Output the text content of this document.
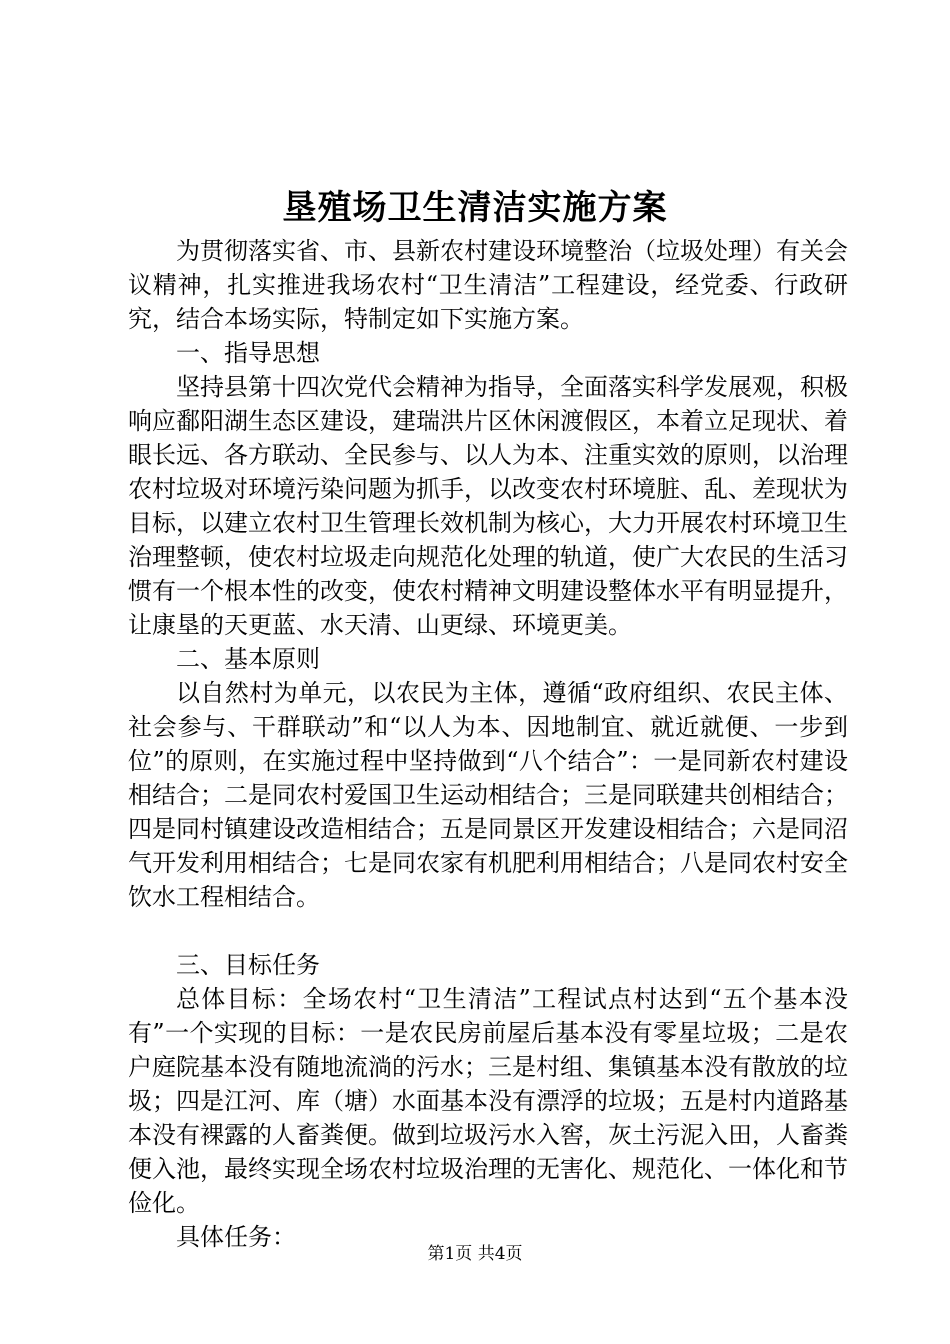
垦殖场卫生清洁实施方案

为贯彻落实省、市、县新农村建设环境整治（垃圾处理）有关会议精神，扎实推进我场农村“卫生清洁”工程建设，经党委、行政研究，结合本场实际，特制定如下实施方案。

一、指导思想

坚持县第十四次党代会精神为指导，全面落实科学发展观，积极响应鄱阳湖生态区建设，建瑞洪片区休闲渡假区，本着立足现状、着眼长远、各方联动、全民参与、以人为本、注重实效的原则，以治理农村垃圾对环境污染问题为抓手，以改变农村环境脏、乱、差现状为目标，以建立农村卫生管理长效机制为核心，大力开展农村环境卫生治理整顿，使农村垃圾走向规范化处理的轨道，使广大农民的生活习惯有一个根本性的改变，使农村精神文明建设整体水平有明显提升，让康垦的天更蓝、水天清、山更绿、环境更美。

二、基本原则

以自然村为单元，以农民为主体，遵循“政府组织、农民主体、社会参与、干群联动”和“以人为本、因地制宜、就近就便、一步到位”的原则，在实施过程中坚持做到“八个结合”：一是同新农村建设相结合；二是同农村爱国卫生运动相结合；三是同联建共创相结合；四是同村镇建设改造相结合；五是同景区开发建设相结合；六是同沼气开发利用相结合；七是同农家有机肥利用相结合；八是同农村安全饮水工程相结合。

三、目标任务

总体目标：全场农村“卫生清洁”工程试点村达到“五个基本没有”一个实现的目标：一是农民房前屋后基本没有零星垃圾；二是农户庭院基本没有随地流淌的污水；三是村组、集镇基本没有散放的垃圾；四是江河、库（塘）水面基本没有漂浮的垃圾；五是村内道路基本没有裸露的人畜粪便。做到垃圾污水入窖，灰土污泥入田，人畜粪便入池，最终实现全场农村垃圾治理的无害化、规范化、一体化和节俭化。

具体任务：

第1页 共4页
